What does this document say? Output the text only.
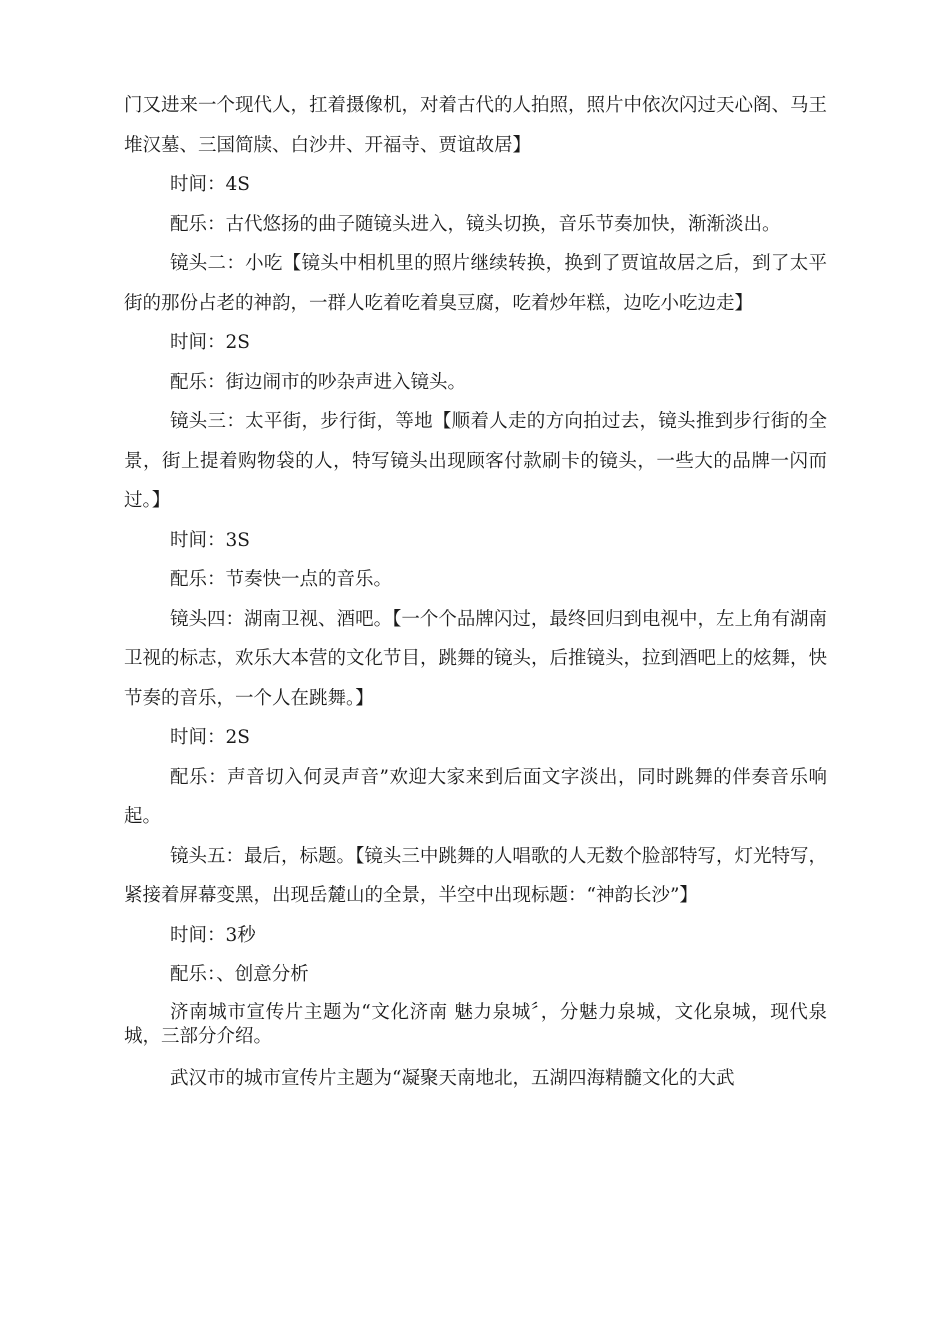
门又进来一个现代人，扛着摄像机，对着古代的人拍照，照片中依次闪过天心阁、马王堆汉墓、三国简牍、白沙井、开福寺、贾谊故居】

时间：4S

配乐：古代悠扬的曲子随镜头进入，镜头切换，音乐节奏加快，渐渐淡出。

镜头二：小吃【镜头中相机里的照片继续转换，换到了贾谊故居之后，到了太平街的那份占老的神韵，一群人吃着吃着臭豆腐，吃着炒年糕，边吃小吃边走】

时间：2S

配乐：街边闹市的吵杂声进入镜头。

镜头三：太平街，步行街，等地【顺着人走的方向拍过去，镜头推到步行街的全景，街上提着购物袋的人，特写镜头出现顾客付款刷卡的镜头，一些大的品牌一闪而过。】

时间：3S

配乐：节奏快一点的音乐。

镜头四：湖南卫视、酒吧。【一个个品牌闪过，最终回归到电视中，左上角有湖南卫视的标志，欢乐大本营的文化节目，跳舞的镜头，后推镜头，拉到酒吧上的炫舞，快节奏的音乐，一个人在跳舞。】

时间：2S

配乐：声音切入何灵声音”欢迎大家来到后面文字淡出，同时跳舞的伴奏音乐响起。

镜头五：最后，标题。【镜头三中跳舞的人唱歌的人无数个脸部特写，灯光特写，紧接着屏幕变黑，出现岳麓山的全景，半空中出现标题：“神韵长沙”】

时间：3秒

配乐：、创意分析

济南城市宣传片主题为“文化济南 魅力泉城〞，分魅力泉城，文化泉城，现代泉城，三部分介绍。

武汉市的城市宣传片主题为“凝聚天南地北，五湖四海精髓文化的大武
